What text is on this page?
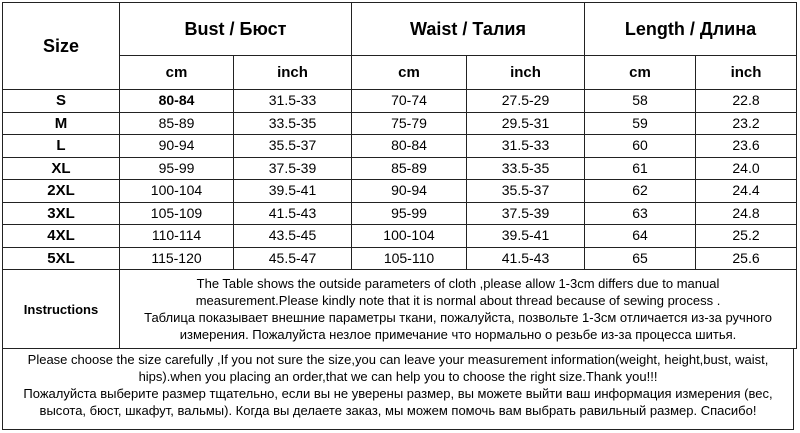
Size	Bust / Бюст		Waist / Талия		Length / Длина	
	cm	inch	cm	inch	cm	inch
S	80-84	31.5-33	70-74	27.5-29	58	22.8
M	85-89	33.5-35	75-79	29.5-31	59	23.2
L	90-94	35.5-37	80-84	31.5-33	60	23.6
XL	95-99	37.5-39	85-89	33.5-35	61	24.0
2XL	100-104	39.5-41	90-94	35.5-37	62	24.4
3XL	105-109	41.5-43	95-99	37.5-39	63	24.8
4XL	110-114	43.5-45	100-104	39.5-41	64	25.2
5XL	115-120	45.5-47	105-110	41.5-43	65	25.6
Instructions	The Table shows the outside parameters of cloth ,please allow 1-3cm differs due to manual
measurement.Please kindly note that it is normal about thread because of sewing process .
Таблица показывает внешние параметры ткани, пожалуйста, позвольте 1-3см отличается из-за ручного
измерения. Пожалуйста незлое примечание что нормально о резьбе из-за процесса шитья.					
Please choose the size carefully ,If you not sure the size,you can leave your measurement information(weight, height,bust, waist,
hips).when you placing an order,that we can help you to choose the right size.Thank you!!!
Пожалуйста выберите размер тщательно, если вы не уверены размер, вы можете выйти ваш информация измерения (вес,
высота, бюст, шкафут, вальмы). Когда вы делаете заказ, мы можем помочь вам выбрать равильный размер. Спасибо!
